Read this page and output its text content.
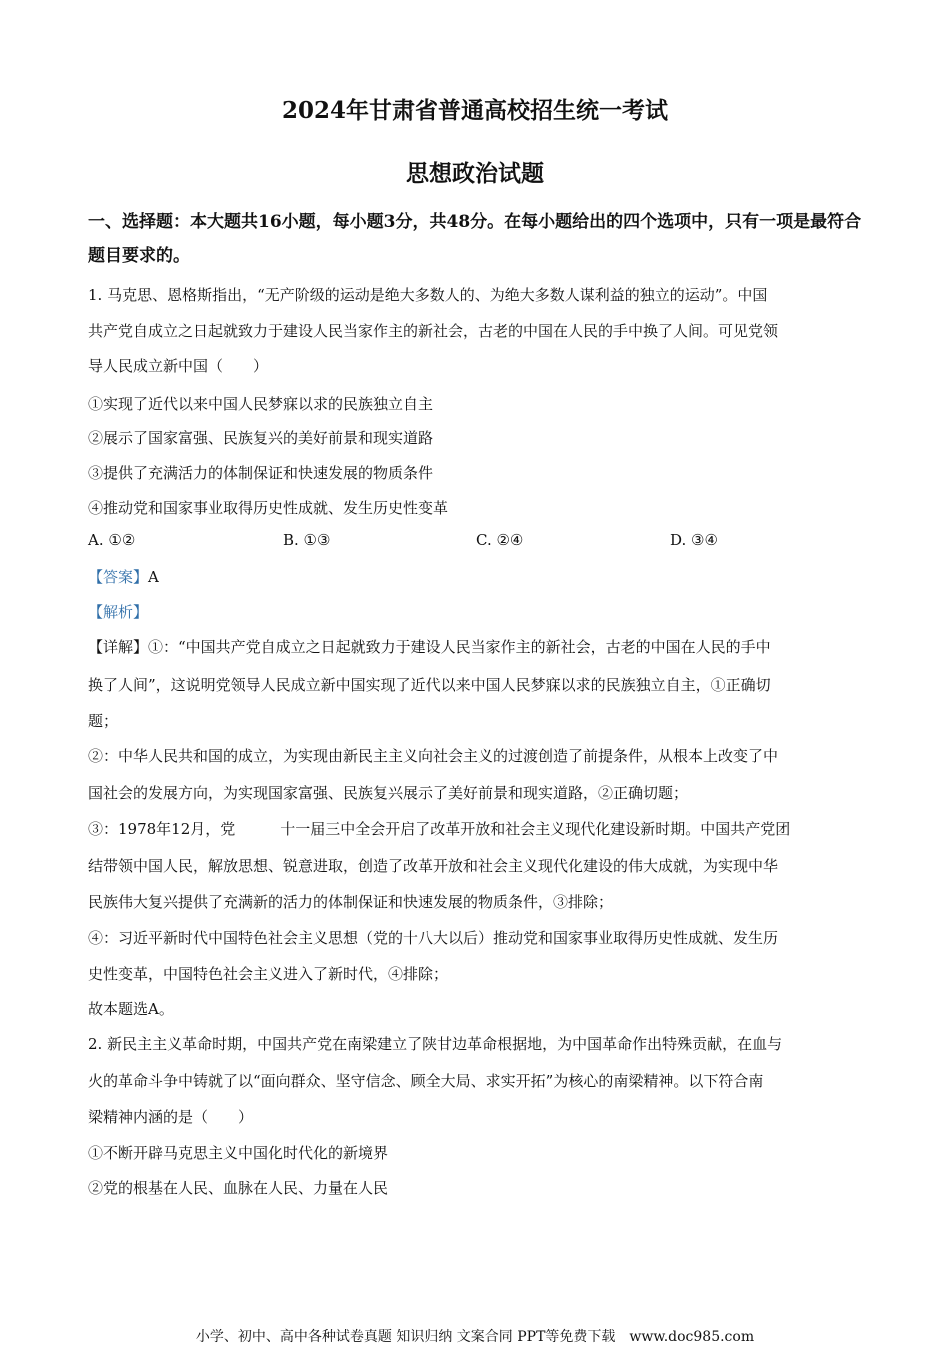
2024年甘肃省普通高校招生统一考试
思想政治试题
一、选择题：本大题共16小题，每小题3分，共48分。在每小题给出的四个选项中，只有一项是最符合题目要求的。
1. 马克思、恩格斯指出，“无产阶级的运动是绝大多数人的、为绝大多数人谋利益的独立的运动”。中国
共产党自成立之日起就致力于建设人民当家作主的新社会，古老的中国在人民的手中换了人间。可见党领
导人民成立新中国（　　）
①实现了近代以来中国人民梦寐以求的民族独立自主
②展示了国家富强、民族复兴的美好前景和现实道路
③提供了充满活力的体制保证和快速发展的物质条件
④推动党和国家事业取得历史性成就、发生历史性变革
A. ①②	B. ①③	C. ②④	D. ③④
【答案】A
【解析】
【详解】①：“中国共产党自成立之日起就致力于建设人民当家作主的新社会，古老的中国在人民的手中
换了人间”，这说明党领导人民成立新中国实现了近代以来中国人民梦寐以求的民族独立自主，①正确切
题；
②：中华人民共和国的成立，为实现由新民主主义向社会主义的过渡创造了前提条件，从根本上改变了中
国社会的发展方向，为实现国家富强、民族复兴展示了美好前景和现实道路，②正确切题；
③：1978年12月，党　　　十一届三中全会开启了改革开放和社会主义现代化建设新时期。中国共产党团
结带领中国人民，解放思想、锐意进取，创造了改革开放和社会主义现代化建设的伟大成就，为实现中华
民族伟大复兴提供了充满新的活力的体制保证和快速发展的物质条件，③排除；
④：习近平新时代中国特色社会主义思想（党的十八大以后）推动党和国家事业取得历史性成就、发生历
史性变革，中国特色社会主义进入了新时代，④排除；
故本题选A。
2. 新民主主义革命时期，中国共产党在南梁建立了陕甘边革命根据地，为中国革命作出特殊贡献，在血与
火的革命斗争中铸就了以“面向群众、坚守信念、顾全大局、求实开拓”为核心的南梁精神。以下符合南
梁精神内涵的是（　　）
①不断开辟马克思主义中国化时代化的新境界
②党的根基在人民、血脉在人民、力量在人民
小学、初中、高中各种试卷真题 知识归纳 文案合同 PPT等免费下载　www.doc985.com
